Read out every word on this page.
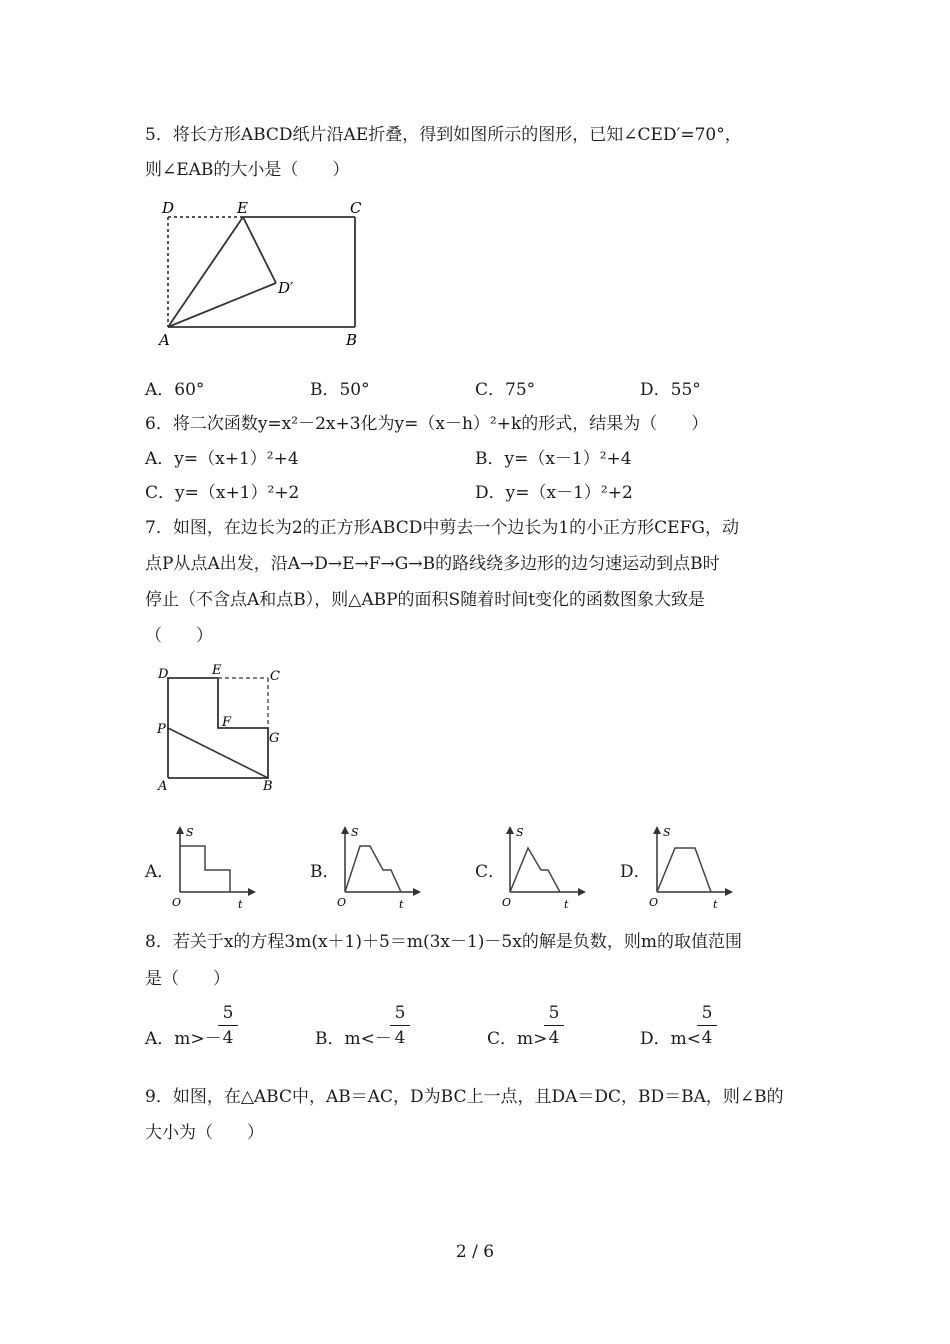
5．将长方形ABCD纸片沿AE折叠，得到如图所示的图形，已知∠CED′=70°，
则∠EAB的大小是（　　）
D	E	C
D′
A	B
A．60°	B．50°	C．75°	D．55°
6．将二次函数y=x²－2x+3化为y=（x－h）²+k的形式，结果为（　　）
A．y=（x+1）²+4	B．y=（x－1）²+4
C．y=（x+1）²+2	D．y=（x－1）²+2
7．如图，在边长为2的正方形ABCD中剪去一个边长为1的小正方形CEFG，动
点P从点A出发，沿A→D→E→F→G→B的路线绕多边形的边匀速运动到点B时
停止（不含点A和点B），则△ABP的面积S随着时间t变化的函数图象大致是
（　　）
D	E	C
P	F
G
A	B
A．
S
O	t
B．
S
O	t
C．
S
O	t
D．
S
O	t
8．若关于x的方程3m(x＋1)＋5＝m(3x－1)－5x的解是负数，则m的取值范围
是（　　）
A．m>－
5
4	B．m<－
5
4	C．m>
5
4	D．m<
5
4
9．如图，在△ABC中，AB＝AC，D为BC上一点，且DA＝DC，BD＝BA，则∠B的
大小为（　　）
2 / 6
